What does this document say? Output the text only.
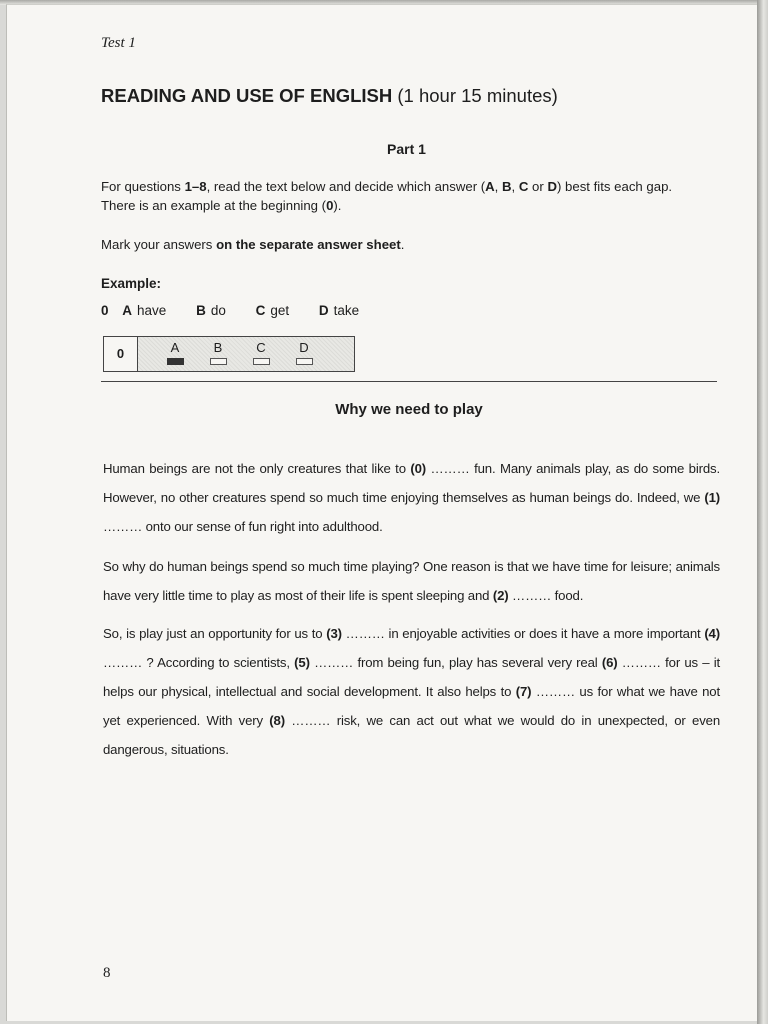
Test 1
READING AND USE OF ENGLISH (1 hour 15 minutes)
Part 1
For questions 1–8, read the text below and decide which answer (A, B, C or D) best fits each gap.
There is an example at the beginning (0).
Mark your answers on the separate answer sheet.
Example:
0 A have B do C get D take
0	A	B	C	D
Why we need to play
Human beings are not the only creatures that like to (0) ……… fun. Many animals play, as do some birds. However, no other creatures spend so much time enjoying themselves as human beings do. Indeed, we (1) ……… onto our sense of fun right into adulthood.
So why do human beings spend so much time playing? One reason is that we have time for leisure; animals have very little time to play as most of their life is spent sleeping and (2) ……… food.
So, is play just an opportunity for us to (3) ……… in enjoyable activities or does it have a more important (4) ……… ? According to scientists, (5) ……… from being fun, play has several very real (6) ……… for us – it helps our physical, intellectual and social development. It also helps to (7) ……… us for what we have not yet experienced. With very (8) ……… risk, we can act out what we would do in unexpected, or even dangerous, situations.
8
